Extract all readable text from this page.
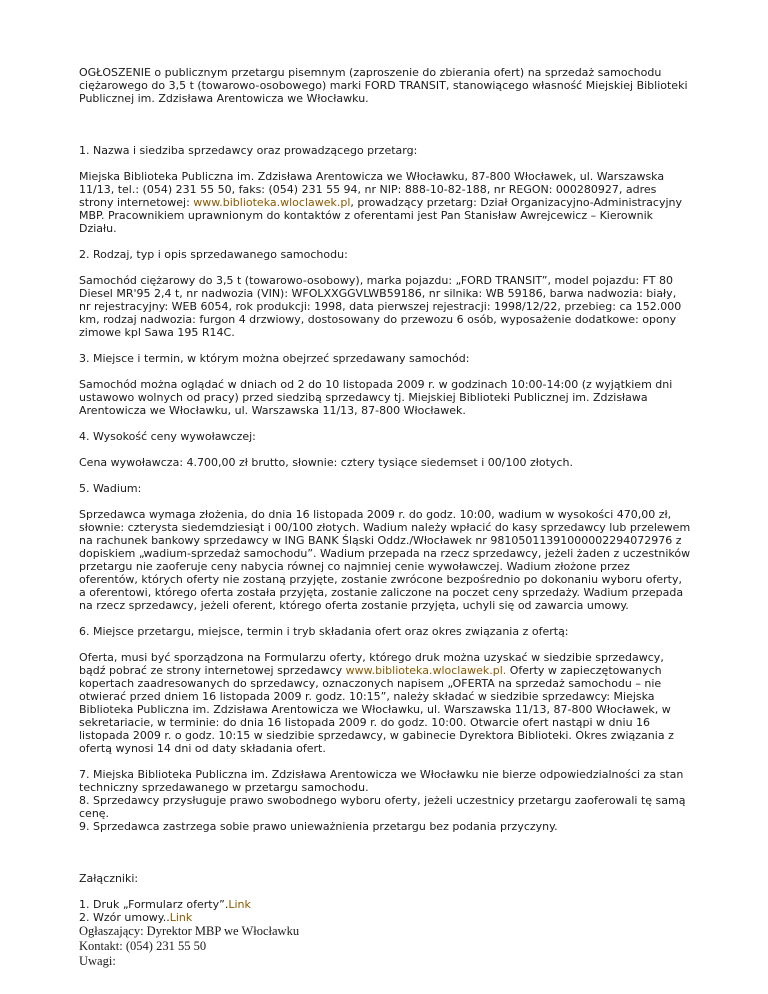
OGŁOSZENIE o publicznym przetargu pisemnym (zaproszenie do zbierania ofert) na sprzedaż samochodu ciężarowego do 3,5 t (towarowo-osobowego) marki FORD TRANSIT, stanowiącego własność Miejskiej Biblioteki Publicznej im. Zdzisława Arentowicza we Włocławku.

1. Nazwa i siedziba sprzedawcy oraz prowadzącego przetarg:

Miejska Biblioteka Publiczna im. Zdzisława Arentowicza we Włocławku, 87-800 Włocławek, ul. Warszawska 11/13, tel.: (054) 231 55 50, faks: (054) 231 55 94, nr NIP: 888-10-82-188, nr REGON: 000280927, adres strony internetowej: www.biblioteka.wloclawek.pl, prowadzący przetarg: Dział Organizacyjno-Administracyjny MBP. Pracownikiem uprawnionym do kontaktów z oferentami jest Pan Stanisław Awrejcewicz – Kierownik Działu.

2. Rodzaj, typ i opis sprzedawanego samochodu:

Samochód ciężarowy do 3,5 t (towarowo-osobowy), marka pojazdu: „FORD TRANSIT”, model pojazdu: FT 80 Diesel MR'95 2,4 t, nr nadwozia (VIN): WFOLXXGGVLWB59186, nr silnika: WB 59186, barwa nadwozia: biały, nr rejestracyjny: WEB 6054, rok produkcji: 1998, data pierwszej rejestracji: 1998/12/22, przebieg: ca 152.000 km, rodzaj nadwozia: furgon 4 drzwiowy, dostosowany do przewozu 6 osób, wyposażenie dodatkowe: opony zimowe kpl Sawa 195 R14C.

3. Miejsce i termin, w którym można obejrzeć sprzedawany samochód:

Samochód można oglądać w dniach od 2 do 10 listopada 2009 r. w godzinach 10:00-14:00 (z wyjątkiem dni ustawowo wolnych od pracy) przed siedzibą sprzedawcy tj. Miejskiej Biblioteki Publicznej im. Zdzisława Arentowicza we Włocławku, ul. Warszawska 11/13, 87-800 Włocławek.

4. Wysokość ceny wywoławczej:

Cena wywoławcza: 4.700,00 zł brutto, słownie: cztery tysiące siedemset i 00/100 złotych.

5. Wadium:

Sprzedawca wymaga złożenia, do dnia 16 listopada 2009 r. do godz. 10:00, wadium w wysokości 470,00 zł, słownie: czterysta siedemdziesiąt i 00/100 złotych. Wadium należy wpłacić do kasy sprzedawcy lub przelewem na rachunek bankowy sprzedawcy w ING BANK Śląski Oddz./Włocławek nr 98105011391000002294072976 z dopiskiem „wadium-sprzedaż samochodu”. Wadium przepada na rzecz sprzedawcy, jeżeli żaden z uczestników przetargu nie zaoferuje ceny nabycia równej co najmniej cenie wywoławczej. Wadium złożone przez oferentów, których oferty nie zostaną przyjęte, zostanie zwrócone bezpośrednio po dokonaniu wyboru oferty, a oferentowi, którego oferta została przyjęta, zostanie zaliczone na poczet ceny sprzedaży. Wadium przepada na rzecz sprzedawcy, jeżeli oferent, którego oferta zostanie przyjęta, uchyli się od zawarcia umowy.

6. Miejsce przetargu, miejsce, termin i tryb składania ofert oraz okres związania z ofertą:

Oferta, musi być sporządzona na Formularzu oferty, którego druk można uzyskać w siedzibie sprzedawcy, bądź pobrać ze strony internetowej sprzedawcy www.biblioteka.wloclawek.pl. Oferty w zapieczętowanych kopertach zaadresowanych do sprzedawcy, oznaczonych napisem „OFERTA na sprzedaż samochodu – nie otwierać przed dniem 16 listopada 2009 r. godz. 10:15”, należy składać w siedzibie sprzedawcy: Miejska Biblioteka Publiczna im. Zdzisława Arentowicza we Włocławku, ul. Warszawska 11/13, 87-800 Włocławek, w sekretariacie, w terminie: do dnia 16 listopada 2009 r. do godz. 10:00. Otwarcie ofert nastąpi w dniu 16 listopada 2009 r. o godz. 10:15 w siedzibie sprzedawcy, w gabinecie Dyrektora Biblioteki. Okres związania z ofertą wynosi 14 dni od daty składania ofert.

7. Miejska Biblioteka Publiczna im. Zdzisława Arentowicza we Włocławku nie bierze odpowiedzialności za stan techniczny sprzedawanego w przetargu samochodu.
8. Sprzedawcy przysługuje prawo swobodnego wyboru oferty, jeżeli uczestnicy przetargu zaoferowali tę samą cenę.
9. Sprzedawca zastrzega sobie prawo unieważnienia przetargu bez podania przyczyny.

Załączniki:

1. Druk „Formularz oferty”.Link
2. Wzór umowy..Link
Ogłaszający: Dyrektor MBP we Włocławku
Kontakt: (054) 231 55 50
Uwagi:
